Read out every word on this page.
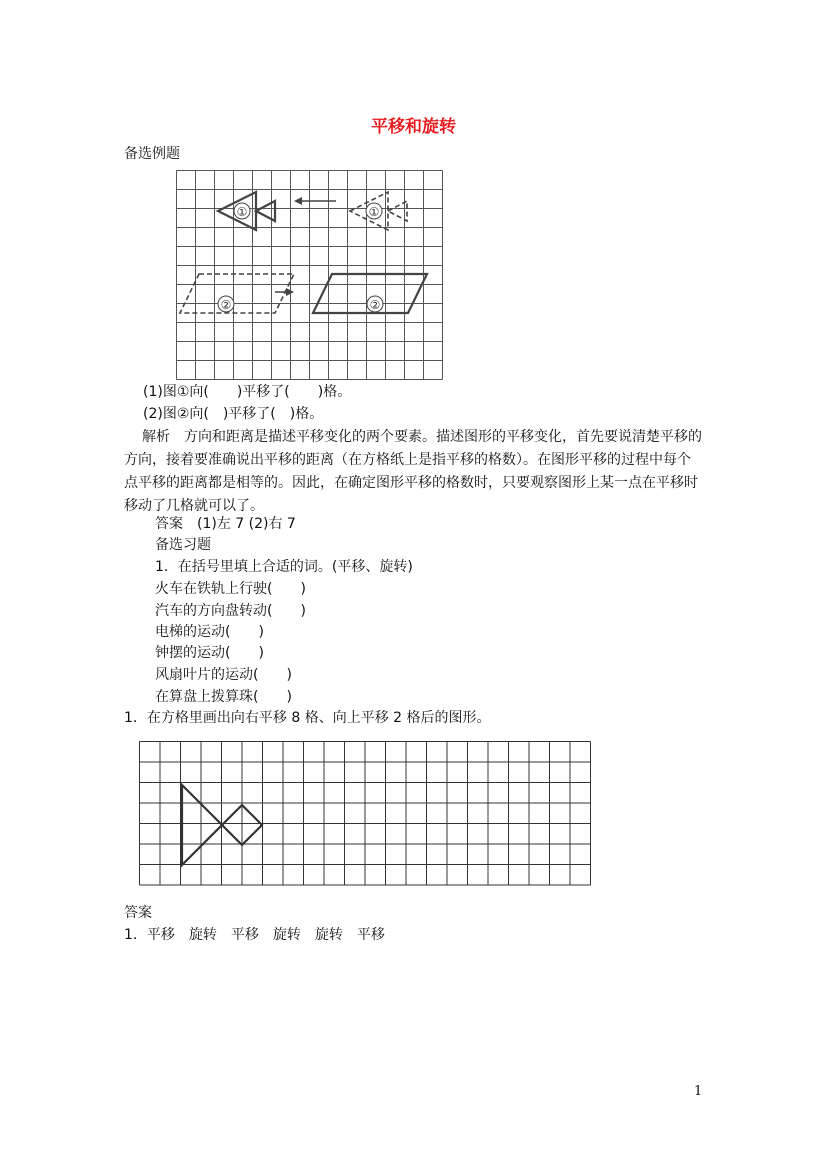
平移和旋转
备选例题
①	①
②	②
(1)图①向(　　)平移了(　　)格。
(2)图②向(　)平移了(　)格。
解析　方向和距离是描述平移变化的两个要素。描述图形的平移变化，首先要说清楚平移的方向，接着要准确说出平移的距离（在方格纸上是指平移的格数）。在图形平移的过程中每个点平移的距离都是相等的。因此，在确定图形平移的格数时，只要观察图形上某一点在平移时移动了几格就可以了。
答案　(1)左 7 (2)右 7
备选习题
1．在括号里填上合适的词。(平移、旋转)
火车在铁轨上行驶(　　)
汽车的方向盘转动(　　)
电梯的运动(　　)
钟摆的运动(　　)
风扇叶片的运动(　　)
在算盘上拨算珠(　　)
1．在方格里画出向右平移 8 格、向上平移 2 格后的图形。
答案
1．平移　旋转　平移　旋转　旋转　平移
1
